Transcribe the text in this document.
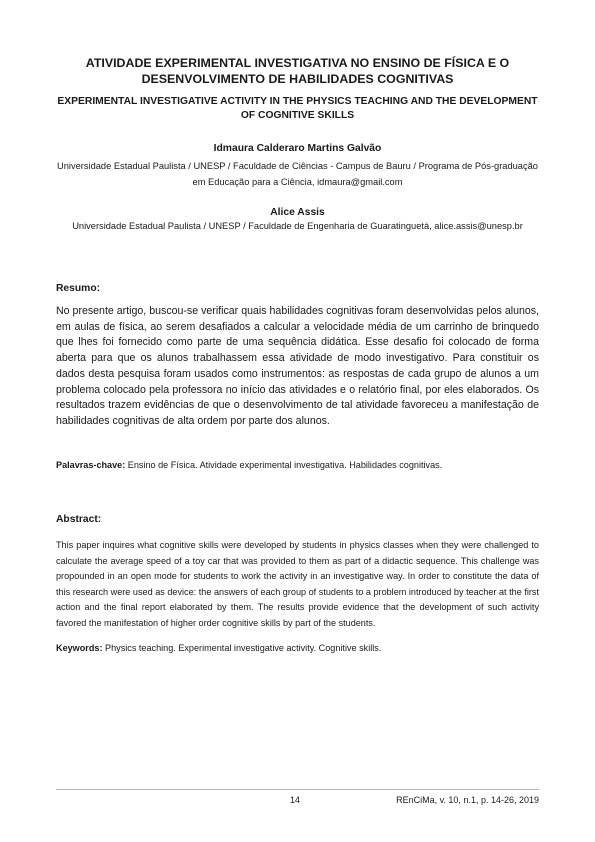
ATIVIDADE EXPERIMENTAL INVESTIGATIVA NO ENSINO DE FÍSICA E O DESENVOLVIMENTO DE HABILIDADES COGNITIVAS
EXPERIMENTAL INVESTIGATIVE ACTIVITY IN THE PHYSICS TEACHING AND THE DEVELOPMENT OF COGNITIVE SKILLS

Idmaura Calderaro Martins Galvão

Universidade Estadual Paulista / UNESP / Faculdade de Ciências - Campus de Bauru / Programa de Pós-graduação em Educação para a Ciência, idmaura@gmail.com

Alice Assis

Universidade Estadual Paulista / UNESP / Faculdade de Engenharia de Guaratinguetá, alice.assis@unesp.br

Resumo:

No presente artigo, buscou-se verificar quais habilidades cognitivas foram desenvolvidas pelos alunos, em aulas de física, ao serem desafiados a calcular a velocidade média de um carrinho de brinquedo que lhes foi fornecido como parte de uma sequência didática. Esse desafio foi colocado de forma aberta para que os alunos trabalhassem essa atividade de modo investigativo. Para constituir os dados desta pesquisa foram usados como instrumentos: as respostas de cada grupo de alunos a um problema colocado pela professora no início das atividades e o relatório final, por eles elaborados. Os resultados trazem evidências de que o desenvolvimento de tal atividade favoreceu a manifestação de habilidades cognitivas de alta ordem por parte dos alunos.

Palavras-chave: Ensino de Física. Atividade experimental investigativa. Habilidades cognitivas.

Abstract:

This paper inquires what cognitive skills were developed by students in physics classes when they were challenged to calculate the average speed of a toy car that was provided to them as part of a didactic sequence. This challenge was propounded in an open mode for students to work the activity in an investigative way. In order to constitute the data of this research were used as device: the answers of each group of students to a problem introduced by teacher at the first action and the final report elaborated by them. The results provide evidence that the development of such activity favored the manifestation of higher order cognitive skills by part of the students.

Keywords: Physics teaching. Experimental investigative activity. Cognitive skills.

14	REnCiMa, v. 10, n.1, p. 14-26, 2019
